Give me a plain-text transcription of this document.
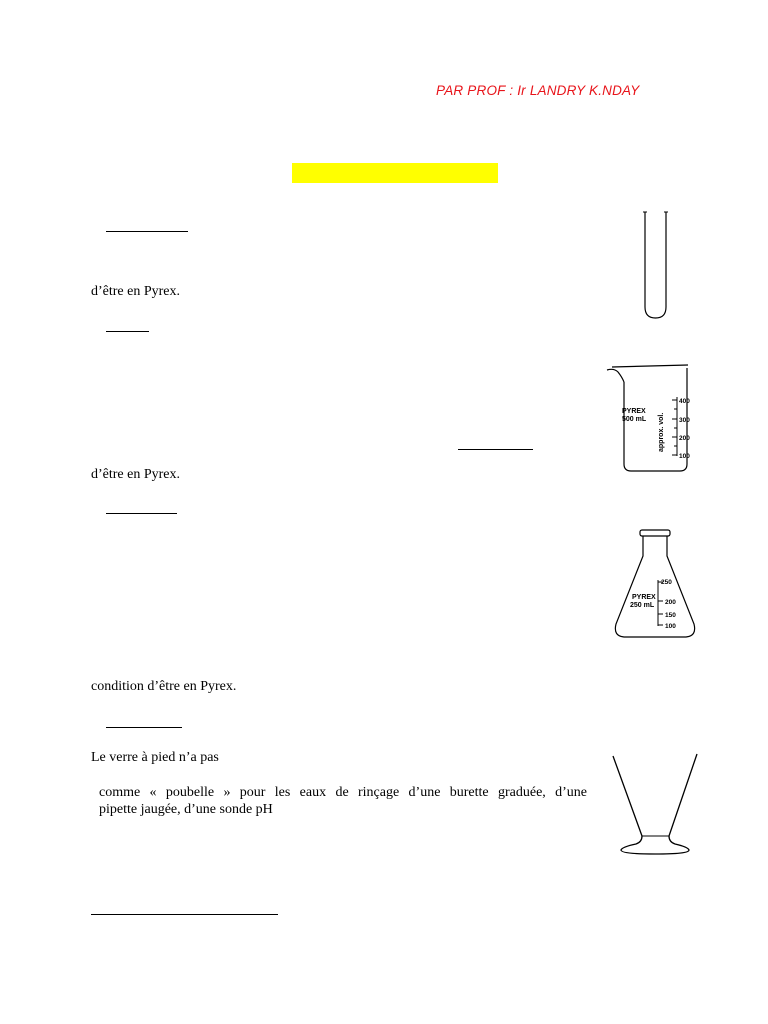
PAR PROF : Ir LANDRY K.NDAY
d’être en Pyrex.
d’être en Pyrex.
PYREX
500 mL approx. vol.
400
300
200
100
PYREX
250 mL
250
200
150
100
condition d’être en Pyrex.
Le verre à pied n’a pas
comme « poubelle » pour les eaux de rinçage d’une burette graduée, d’une
pipette jaugée, d’une sonde pH
